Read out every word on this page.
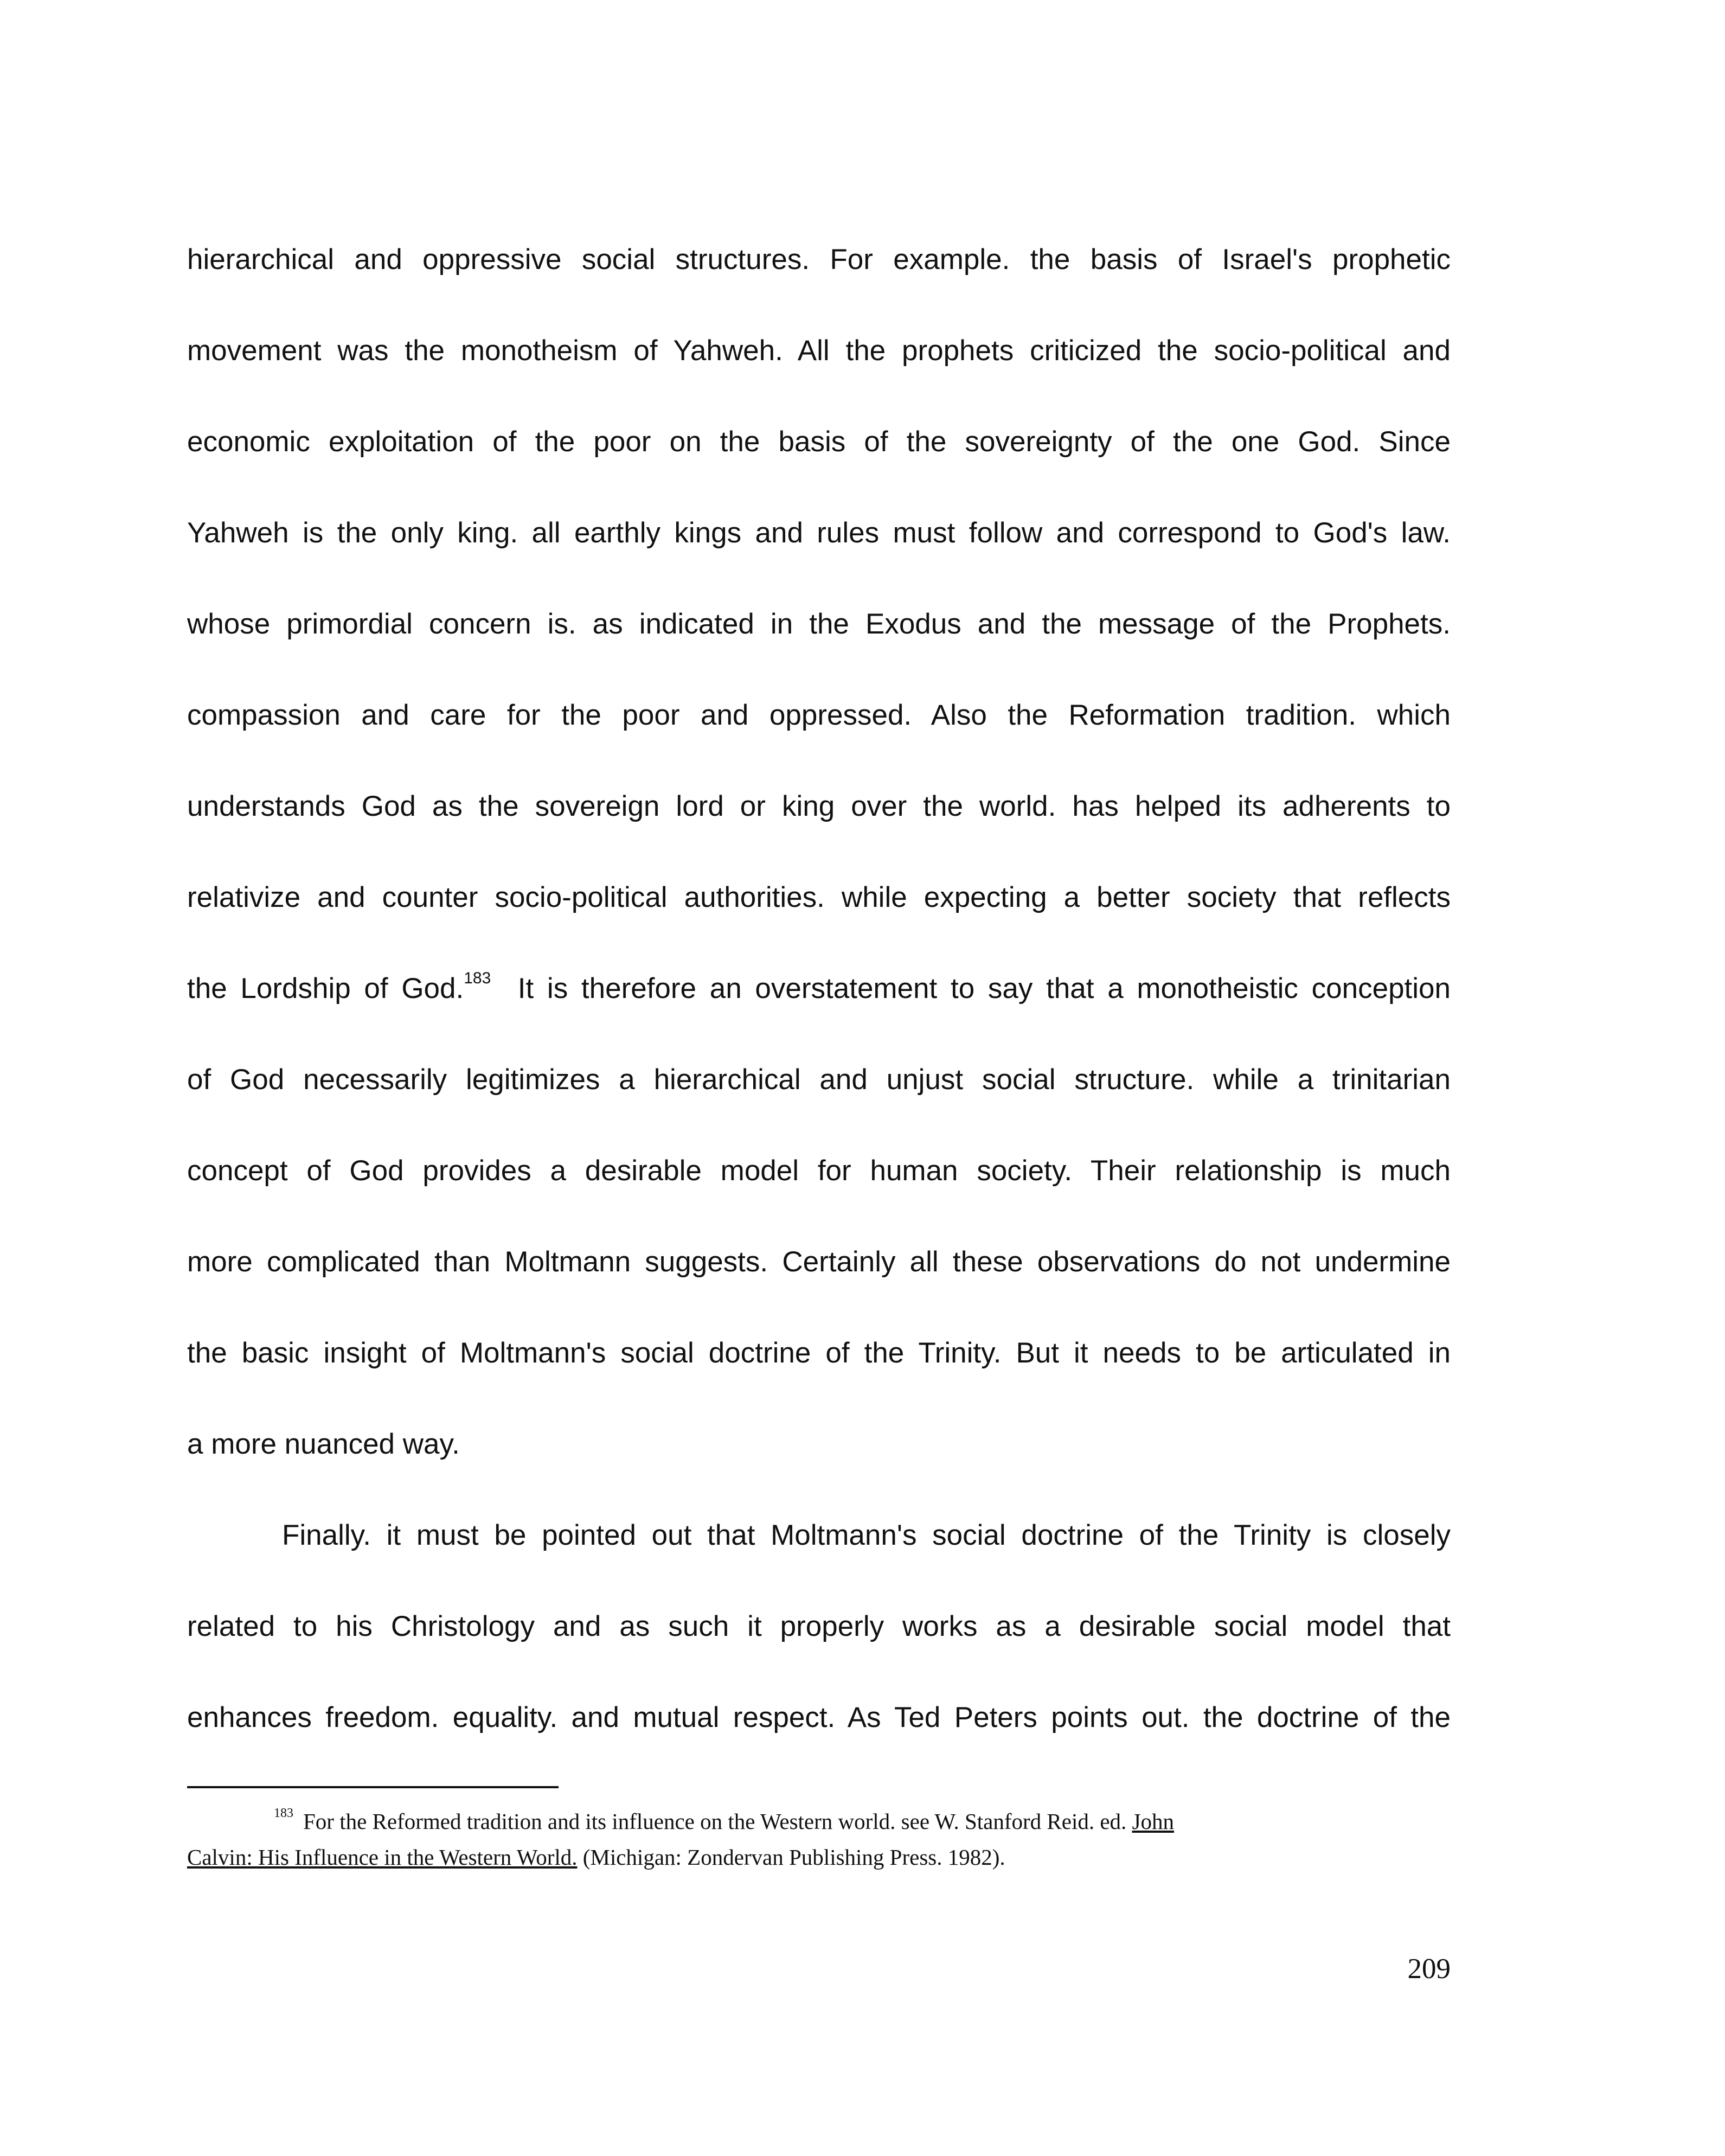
hierarchical and oppressive social structures. For example. the basis of Israel's prophetic
movement was the monotheism of Yahweh. All the prophets criticized the socio-political and
economic exploitation of the poor on the basis of the sovereignty of the one God. Since
Yahweh is the only king. all earthly kings and rules must follow and correspond to God's law.
whose primordial concern is. as indicated in the Exodus and the message of the Prophets.
compassion and care for the poor and oppressed. Also the Reformation tradition. which
understands God as the sovereign lord or king over the world. has helped its adherents to
relativize and counter socio-political authorities. while expecting a better society that reflects
the Lordship of God.$^{183}$  It is therefore an overstatement to say that a monotheistic conception
of God necessarily legitimizes a hierarchical and unjust social structure. while a trinitarian
concept of God provides a desirable model for human society. Their relationship is much
more complicated than Moltmann suggests. Certainly all these observations do not undermine
the basic insight of Moltmann's social doctrine of the Trinity. But it needs to be articulated in
a more nuanced way.
Finally. it must be pointed out that Moltmann's social doctrine of the Trinity is closely
related to his Christology and as such it properly works as a desirable social model that
enhances freedom. equality. and mutual respect. As Ted Peters points out. the doctrine of the
$^{183}$ For the Reformed tradition and its influence on the Western world. see W. Stanford Reid. ed. John
Calvin: His Influence in the Western World. (Michigan: Zondervan Publishing Press. 1982).
209
